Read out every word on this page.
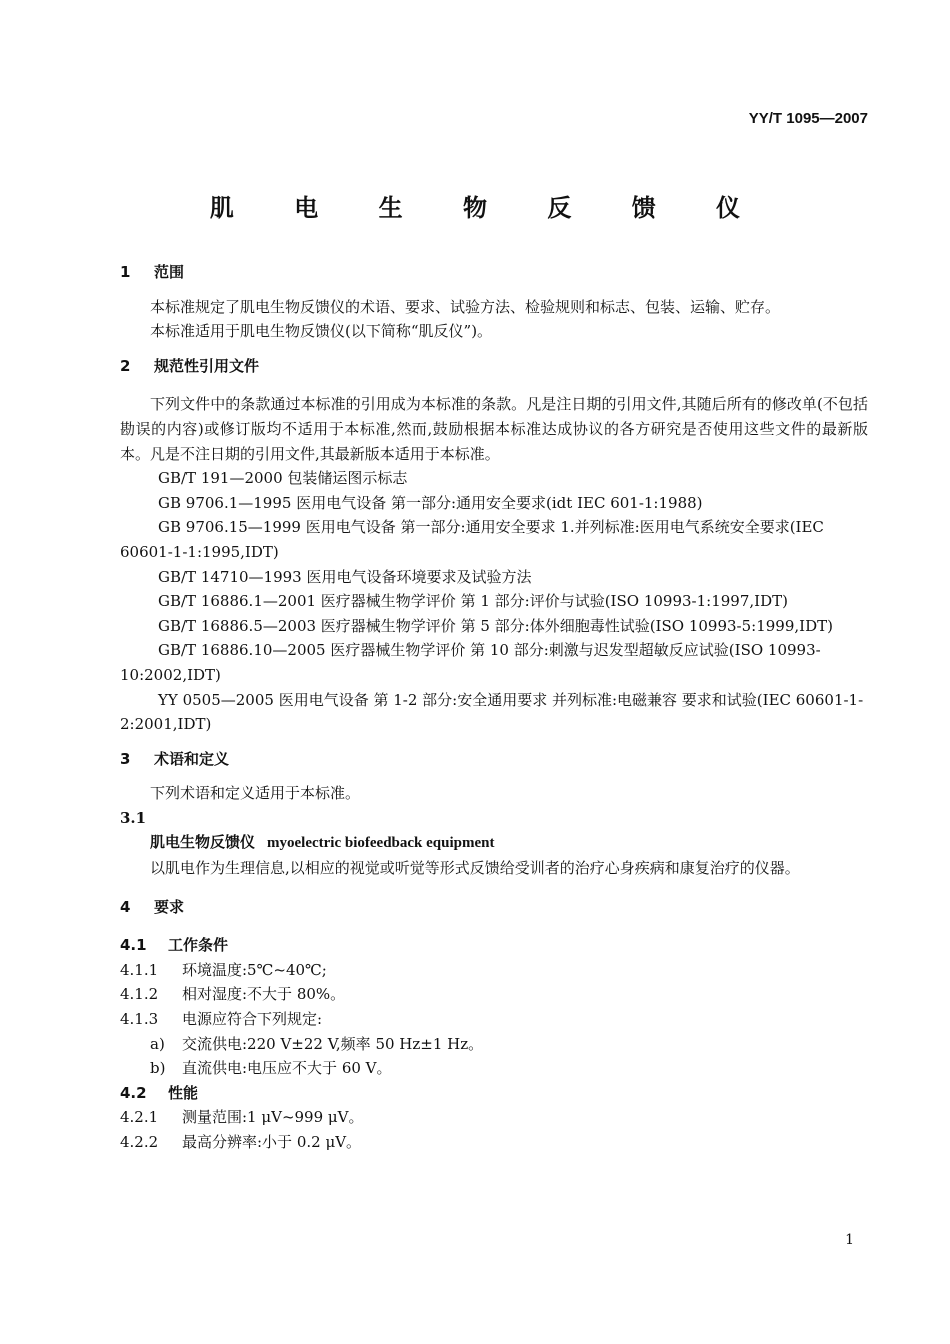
YY/T 1095—2007
肌 电 生 物 反 馈 仪

1 范围

本标准规定了肌电生物反馈仪的术语、要求、试验方法、检验规则和标志、包装、运输、贮存。

本标准适用于肌电生物反馈仪(以下简称“肌反仪”)。

2 规范性引用文件

下列文件中的条款通过本标准的引用成为本标准的条款。凡是注日期的引用文件,其随后所有的修改单(不包括勘误的内容)或修订版均不适用于本标准,然而,鼓励根据本标准达成协议的各方研究是否使用这些文件的最新版本。凡是不注日期的引用文件,其最新版本适用于本标准。

GB/T 191—2000 包装储运图示标志

GB 9706.1—1995 医用电气设备 第一部分:通用安全要求(idt IEC 601-1:1988)

GB 9706.15—1999 医用电气设备 第一部分:通用安全要求 1.并列标准:医用电气系统安全要求(IEC 60601-1-1:1995,IDT)

GB/T 14710—1993 医用电气设备环境要求及试验方法

GB/T 16886.1—2001 医疗器械生物学评价 第 1 部分:评价与试验(ISO 10993-1:1997,IDT)

GB/T 16886.5—2003 医疗器械生物学评价 第 5 部分:体外细胞毒性试验(ISO 10993-5:1999,IDT)

GB/T 16886.10—2005 医疗器械生物学评价 第 10 部分:刺激与迟发型超敏反应试验(ISO 10993-10:2002,IDT)

YY 0505—2005 医用电气设备 第 1-2 部分:安全通用要求 并列标准:电磁兼容 要求和试验(IEC 60601-1-2:2001,IDT)

3 术语和定义

下列术语和定义适用于本标准。

3.1

肌电生物反馈仪 myoelectric biofeedback equipment

以肌电作为生理信息,以相应的视觉或听觉等形式反馈给受训者的治疗心身疾病和康复治疗的仪器。

4 要求

4.1 工作条件

4.1.1 环境温度:5℃~40℃;

4.1.2 相对湿度:不大于 80%。

4.1.3 电源应符合下列规定:

a) 交流供电:220 V±22 V,频率 50 Hz±1 Hz。

b) 直流供电:电压应不大于 60 V。

4.2 性能

4.2.1 测量范围:1 μV~999 μV。

4.2.2 最高分辨率:小于 0.2 μV。

1
